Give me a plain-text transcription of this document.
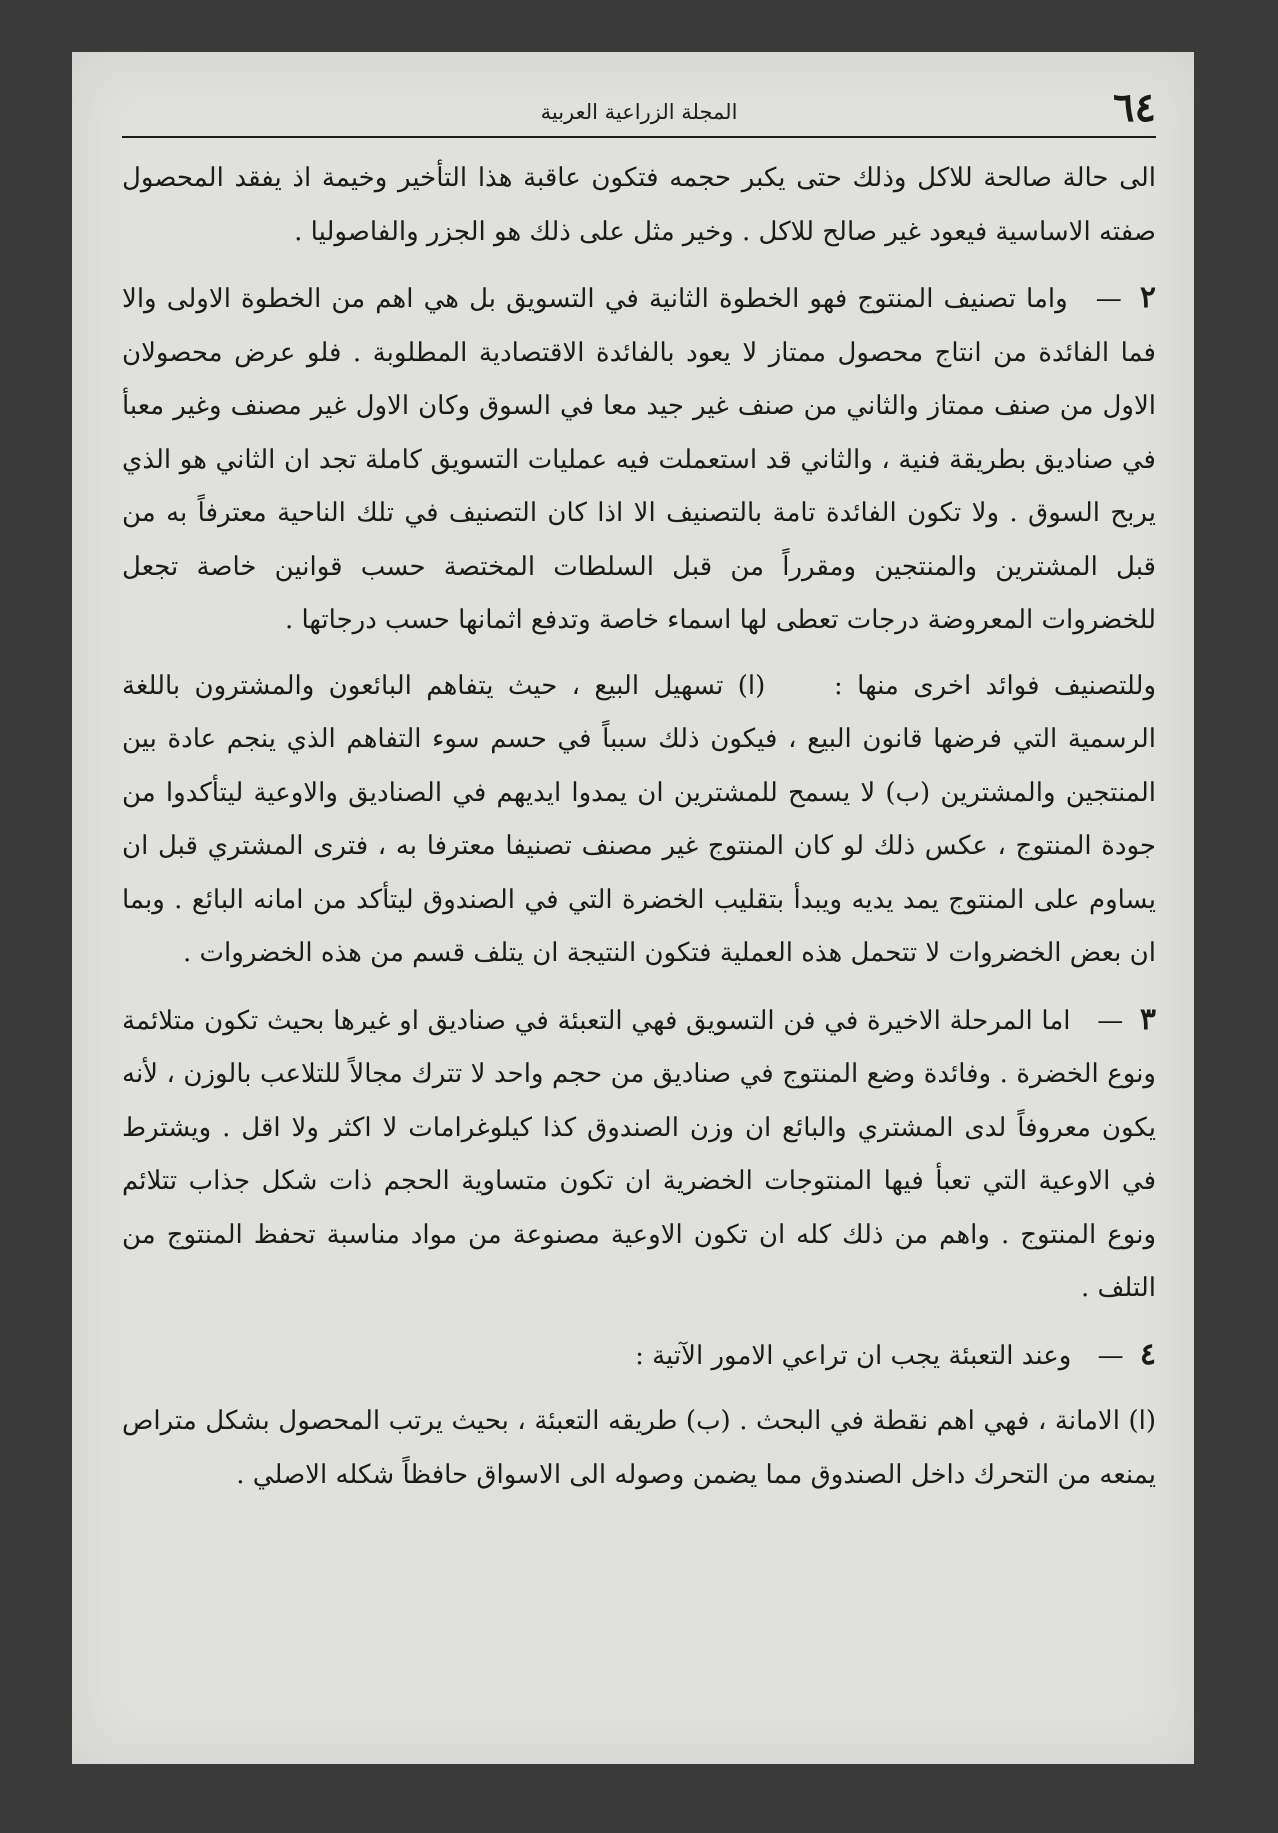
٦٤
المجلة الزراعية العربية

الى حالة صالحة للاكل وذلك حتى يكبر حجمه فتكون عاقبة هذا التأخير وخيمة اذ يفقد المحصول صفته الاساسية فيعود غير صالح للاكل . وخير مثل على ذلك هو الجزر والفاصوليا .

٢ — واما تصنيف المنتوج فهو الخطوة الثانية في التسويق بل هي اهم من الخطوة الاولى والا فما الفائدة من انتاج محصول ممتاز لا يعود بالفائدة الاقتصادية المطلوبة . فلو عرض محصولان الاول من صنف ممتاز والثاني من صنف غير جيد معا في السوق وكان الاول غير مصنف وغير معبأ في صناديق بطريقة فنية ، والثاني قد استعملت فيه عمليات التسويق كاملة تجد ان الثاني هو الذي يربح السوق . ولا تكون الفائدة تامة بالتصنيف الا اذا كان التصنيف في تلك الناحية معترفاً به من قبل المشترين والمنتجين ومقرراً من قبل السلطات المختصة حسب قوانين خاصة تجعل للخضروات المعروضة درجات تعطى لها اسماء خاصة وتدفع اثمانها حسب درجاتها .

وللتصنيف فوائد اخرى منها :  (ا) تسهيل البيع ، حيث يتفاهم البائعون والمشترون باللغة الرسمية التي فرضها قانون البيع ، فيكون ذلك سبباً في حسم سوء التفاهم الذي ينجم عادة بين المنتجين والمشترين (ب) لا يسمح للمشترين ان يمدوا ايديهم في الصناديق والاوعية ليتأكدوا من جودة المنتوج ، عكس ذلك لو كان المنتوج غير مصنف تصنيفا معترفا به ، فترى المشتري قبل ان يساوم على المنتوج يمد يديه ويبدأ بتقليب الخضرة التي في الصندوق ليتأكد من امانه البائع . وبما ان بعض الخضروات لا تتحمل هذه العملية فتكون النتيجة ان يتلف قسم من هذه الخضروات .

٣ — اما المرحلة الاخيرة في فن التسويق فهي التعبئة في صناديق او غيرها بحيث تكون متلائمة ونوع الخضرة . وفائدة وضع المنتوج في صناديق من حجم واحد لا تترك مجالاً للتلاعب بالوزن ، لأنه يكون معروفاً لدى المشتري والبائع ان وزن الصندوق كذا كيلوغرامات لا اكثر ولا اقل . ويشترط في الاوعية التي تعبأ فيها المنتوجات الخضرية ان تكون متساوية الحجم ذات شكل جذاب تتلائم ونوع المنتوج . واهم من ذلك كله ان تكون الاوعية مصنوعة من مواد مناسبة تحفظ المنتوج من التلف .

٤ — وعند التعبئة يجب ان تراعي الامور الآتية :

(ا) الامانة ، فهي اهم نقطة في البحث . (ب) طريقه التعبئة ، بحيث يرتب المحصول بشكل متراص يمنعه من التحرك داخل الصندوق مما يضمن وصوله الى الاسواق حافظاً شكله الاصلي .
